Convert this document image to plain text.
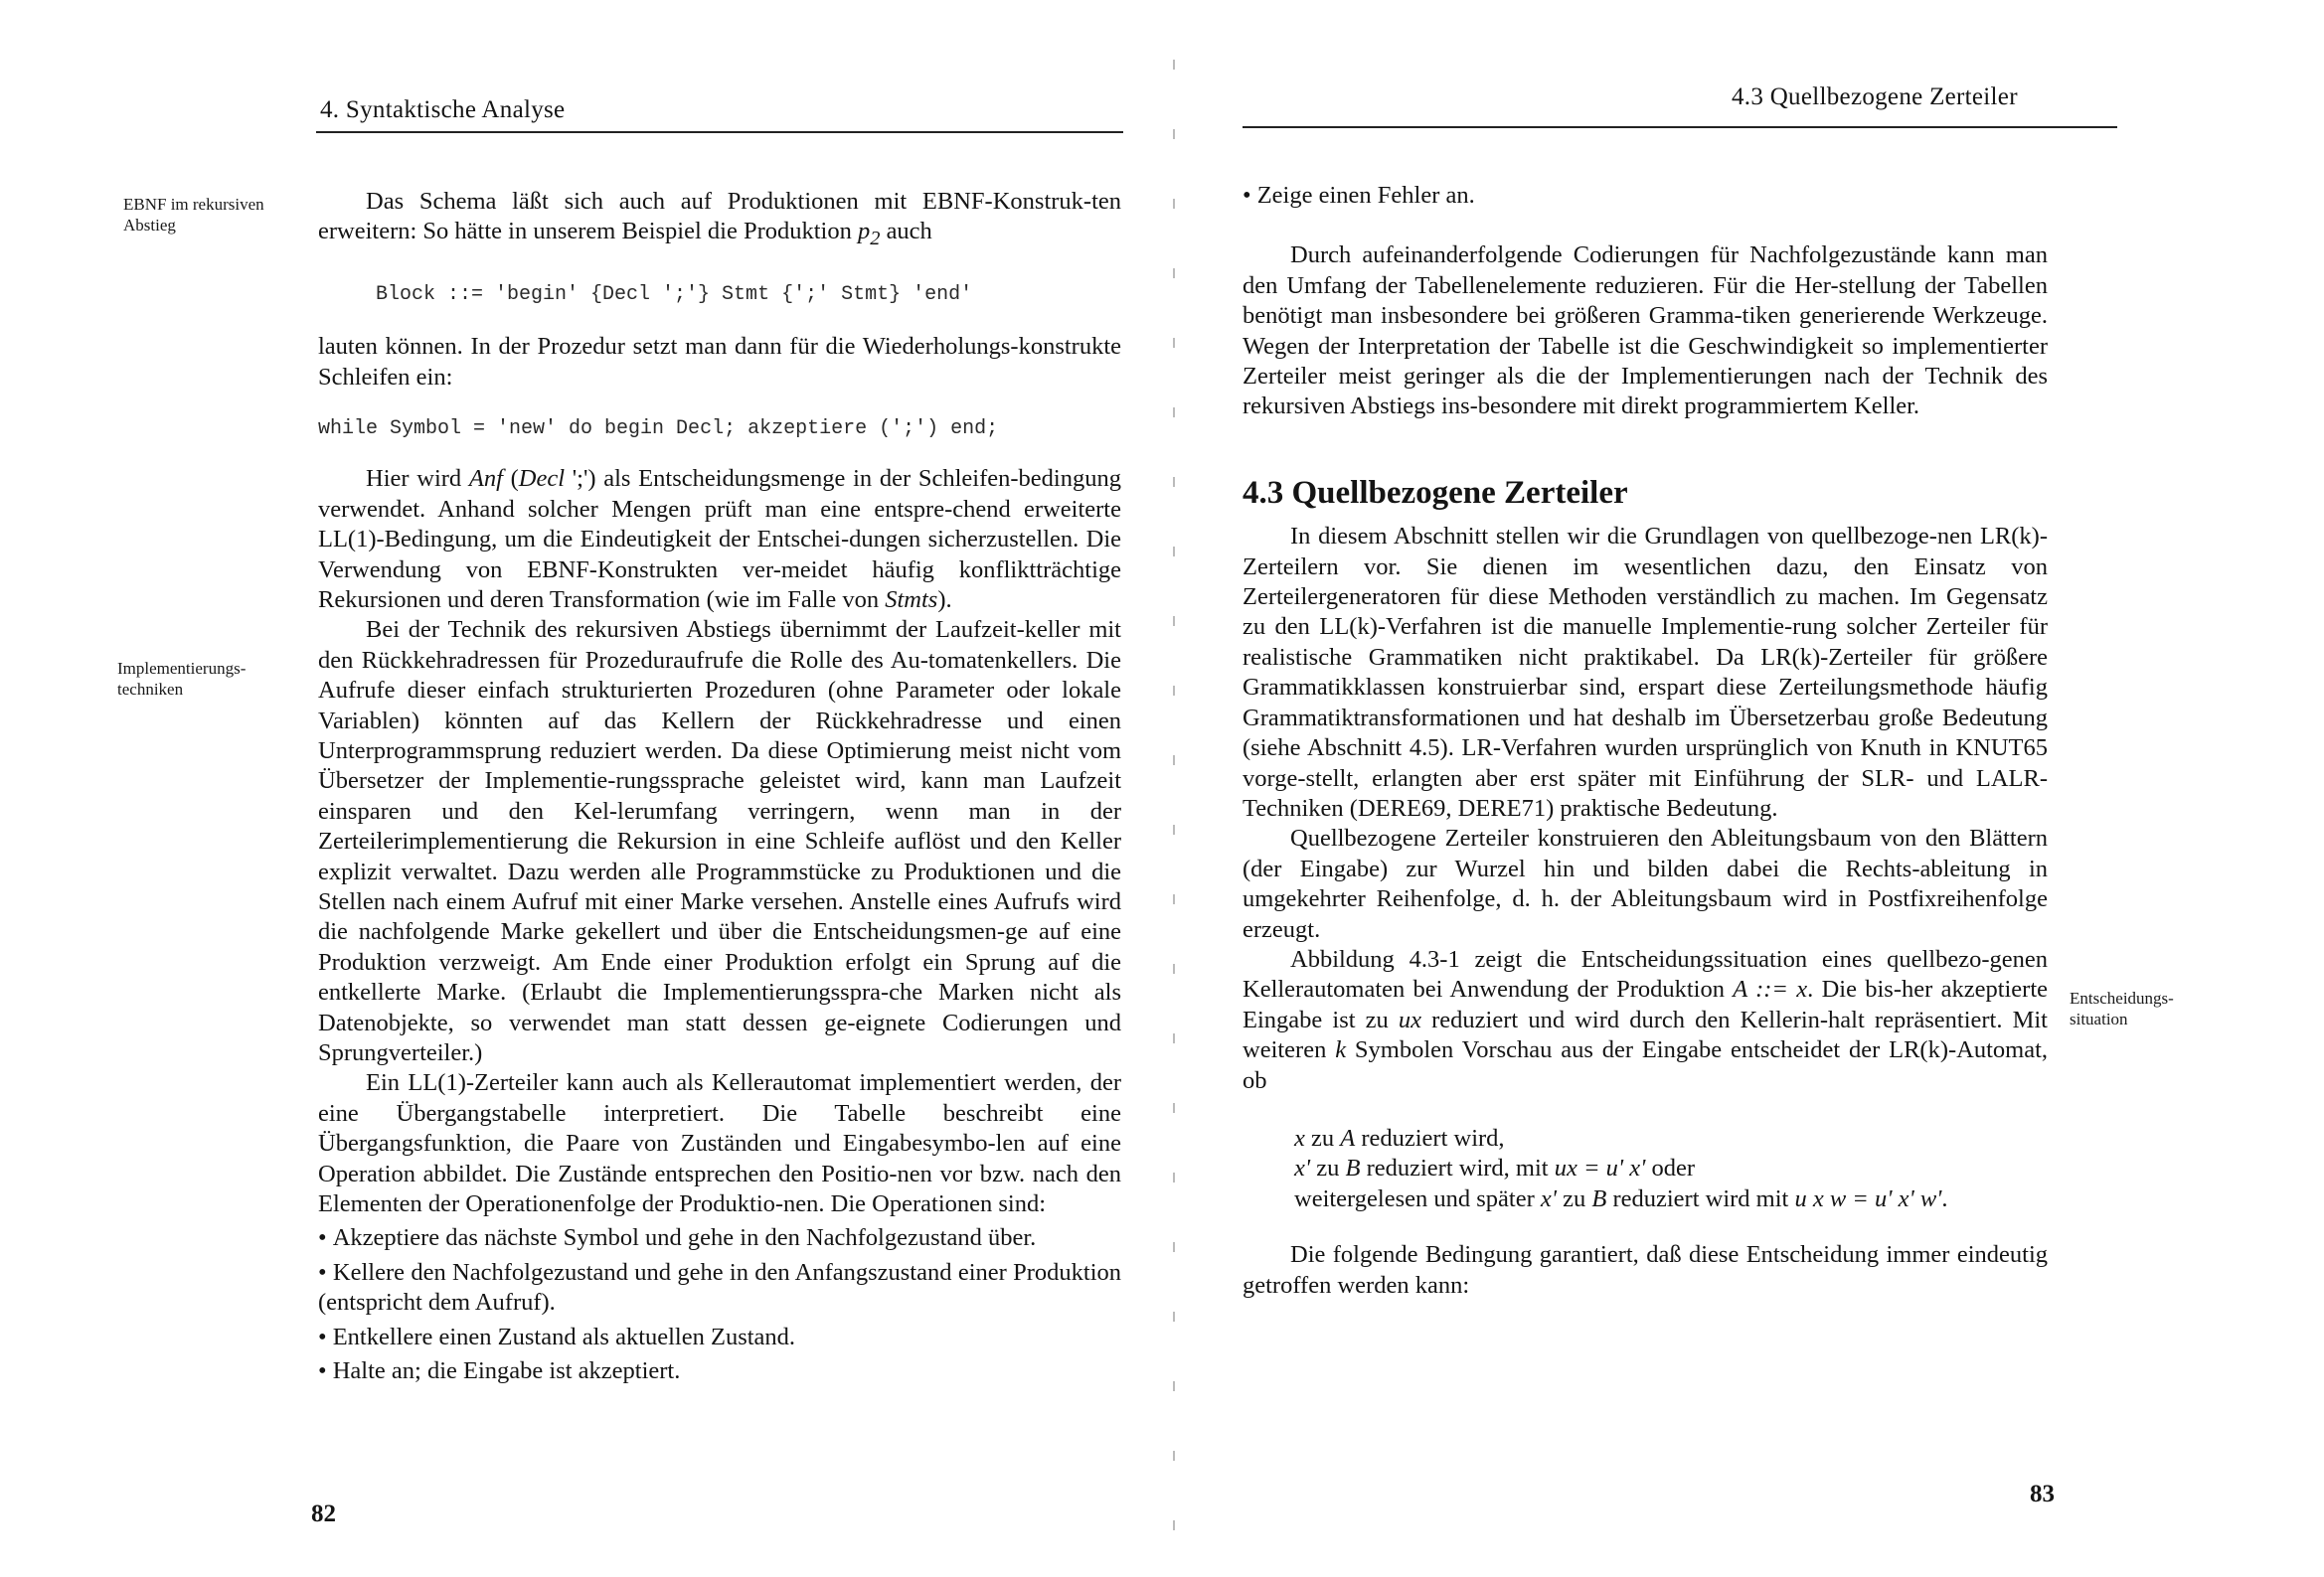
4. Syntaktische Analyse
EBNF im rekursiven Abstieg
Implementierungs- techniken

Das Schema läßt sich auch auf Produktionen mit EBNF-Konstruk-ten erweitern: So hätte in unserem Beispiel die Produktion $p_2$ auch

Block ::= 'begin' {Decl ';'} Stmt {';' Stmt} 'end'

lauten können. In der Prozedur setzt man dann für die Wiederholungs-konstrukte Schleifen ein:

while Symbol = 'new' do begin Decl; akzeptiere (';') end;

Hier wird Anf (Decl ';') als Entscheidungsmenge in der Schleifen-bedingung verwendet. Anhand solcher Mengen prüft man eine entspre-chend erweiterte LL(1)-Bedingung, um die Eindeutigkeit der Entschei-dungen sicherzustellen. Die Verwendung von EBNF-Konstrukten ver-meidet häufig konfliktträchtige Rekursionen und deren Transformation (wie im Falle von Stmts).

Bei der Technik des rekursiven Abstiegs übernimmt der Laufzeit-keller mit den Rückkehradressen für Prozeduraufrufe die Rolle des Au-tomatenkellers. Die Aufrufe dieser einfach strukturierten Prozeduren (ohne Parameter oder lokale Variablen) könnten auf das Kellern der Rückkehradresse und einen Unterprogrammsprung reduziert werden. Da diese Optimierung meist nicht vom Übersetzer der Implementie-rungssprache geleistet wird, kann man Laufzeit einsparen und den Kel-lerumfang verringern, wenn man in der Zerteilerimplementierung die Rekursion in eine Schleife auflöst und den Keller explizit verwaltet. Dazu werden alle Programmstücke zu Produktionen und die Stellen nach einem Aufruf mit einer Marke versehen. Anstelle eines Aufrufs wird die nachfolgende Marke gekellert und über die Entscheidungsmen-ge auf eine Produktion verzweigt. Am Ende einer Produktion erfolgt ein Sprung auf die entkellerte Marke. (Erlaubt die Implementierungsspra-che Marken nicht als Datenobjekte, so verwendet man statt dessen ge-eignete Codierungen und Sprungverteiler.)

Ein LL(1)-Zerteiler kann auch als Kellerautomat implementiert werden, der eine Übergangstabelle interpretiert. Die Tabelle beschreibt eine Übergangsfunktion, die Paare von Zuständen und Eingabesymbo-len auf eine Operation abbildet. Die Zustände entsprechen den Positio-nen vor bzw. nach den Elementen der Operationenfolge der Produktio-nen. Die Operationen sind:

• Akzeptiere das nächste Symbol und gehe in den Nachfolgezustand über.

• Kellere den Nachfolgezustand und gehe in den Anfangszustand einer Produktion (entspricht dem Aufruf).

• Entkellere einen Zustand als aktuellen Zustand.

• Halte an; die Eingabe ist akzeptiert.

82
4.3 Quellbezogene Zerteiler
Entscheidungs- situation

• Zeige einen Fehler an.

Durch aufeinanderfolgende Codierungen für Nachfolgezustände kann man den Umfang der Tabellenelemente reduzieren. Für die Her-stellung der Tabellen benötigt man insbesondere bei größeren Gramma-tiken generierende Werkzeuge. Wegen der Interpretation der Tabelle ist die Geschwindigkeit so implementierter Zerteiler meist geringer als die der Implementierungen nach der Technik des rekursiven Abstiegs ins-besondere mit direkt programmiertem Keller.

4.3 Quellbezogene Zerteiler

In diesem Abschnitt stellen wir die Grundlagen von quellbezoge-nen LR(k)-Zerteilern vor. Sie dienen im wesentlichen dazu, den Einsatz von Zerteilergeneratoren für diese Methoden verständlich zu machen. Im Gegensatz zu den LL(k)-Verfahren ist die manuelle Implementie-rung solcher Zerteiler für realistische Grammatiken nicht praktikabel. Da LR(k)-Zerteiler für größere Grammatikklassen konstruierbar sind, erspart diese Zerteilungsmethode häufig Grammatiktransformationen und hat deshalb im Übersetzerbau große Bedeutung (siehe Abschnitt 4.5). LR-Verfahren wurden ursprünglich von Knuth in KNUT65 vorge-stellt, erlangten aber erst später mit Einführung der SLR- und LALR-Techniken (DERE69, DERE71) praktische Bedeutung.

Quellbezogene Zerteiler konstruieren den Ableitungsbaum von den Blättern (der Eingabe) zur Wurzel hin und bilden dabei die Rechts-ableitung in umgekehrter Reihenfolge, d. h. der Ableitungsbaum wird in Postfixreihenfolge erzeugt.

Abbildung 4.3-1 zeigt die Entscheidungssituation eines quellbezo-genen Kellerautomaten bei Anwendung der Produktion A ::= x. Die bis-her akzeptierte Eingabe ist zu ux reduziert und wird durch den Kellerin-halt repräsentiert. Mit weiteren k Symbolen Vorschau aus der Eingabe entscheidet der LR(k)-Automat, ob

x zu A reduziert wird,

x' zu B reduziert wird, mit ux = u' x' oder

weitergelesen und später x' zu B reduziert wird mit u x w = u' x' w'.

Die folgende Bedingung garantiert, daß diese Entscheidung immer eindeutig getroffen werden kann:

83
